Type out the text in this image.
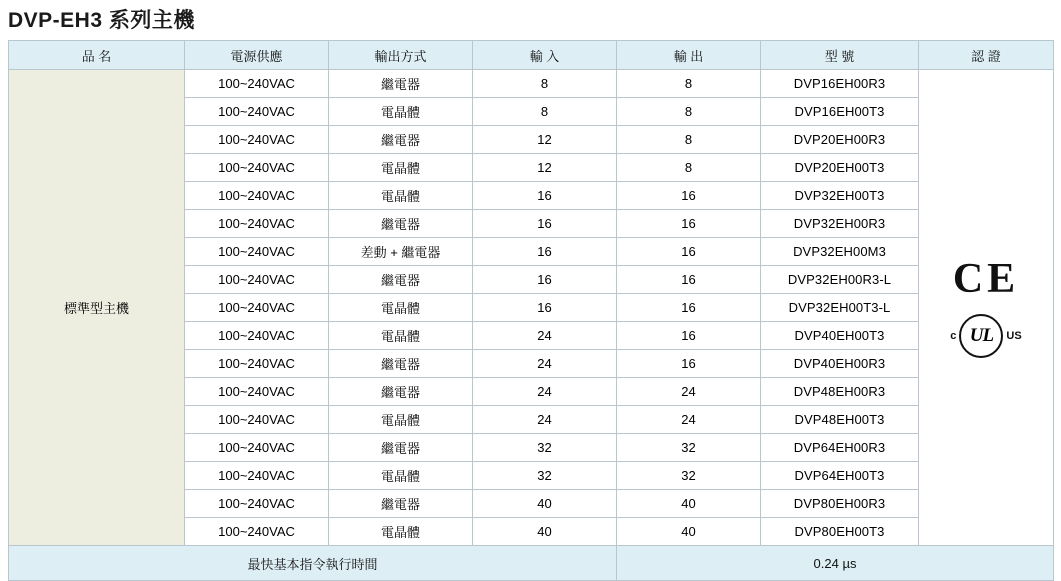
DVP-EH3 系列主機
品 名	電源供應	輸出方式	輸 入	輸 出	型 號	認 證
標準型主機	100~240VAC	繼電器	8	8	DVP16EH00R3	CE
c UL US

	100~240VAC	電晶體	8	8	DVP16EH00T3	
	100~240VAC	繼電器	12	8	DVP20EH00R3	
	100~240VAC	電晶體	12	8	DVP20EH00T3	
	100~240VAC	電晶體	16	16	DVP32EH00T3	
	100~240VAC	繼電器	16	16	DVP32EH00R3	
	100~240VAC	差動 + 繼電器	16	16	DVP32EH00M3	
	100~240VAC	繼電器	16	16	DVP32EH00R3-L	
	100~240VAC	電晶體	16	16	DVP32EH00T3-L	
	100~240VAC	電晶體	24	16	DVP40EH00T3	
	100~240VAC	繼電器	24	16	DVP40EH00R3	
	100~240VAC	繼電器	24	24	DVP48EH00R3	
	100~240VAC	電晶體	24	24	DVP48EH00T3	
	100~240VAC	繼電器	32	32	DVP64EH00R3	
	100~240VAC	電晶體	32	32	DVP64EH00T3	
	100~240VAC	繼電器	40	40	DVP80EH00R3	
	100~240VAC	電晶體	40	40	DVP80EH00T3	
最快基本指令執行時間				0.24 µs		
